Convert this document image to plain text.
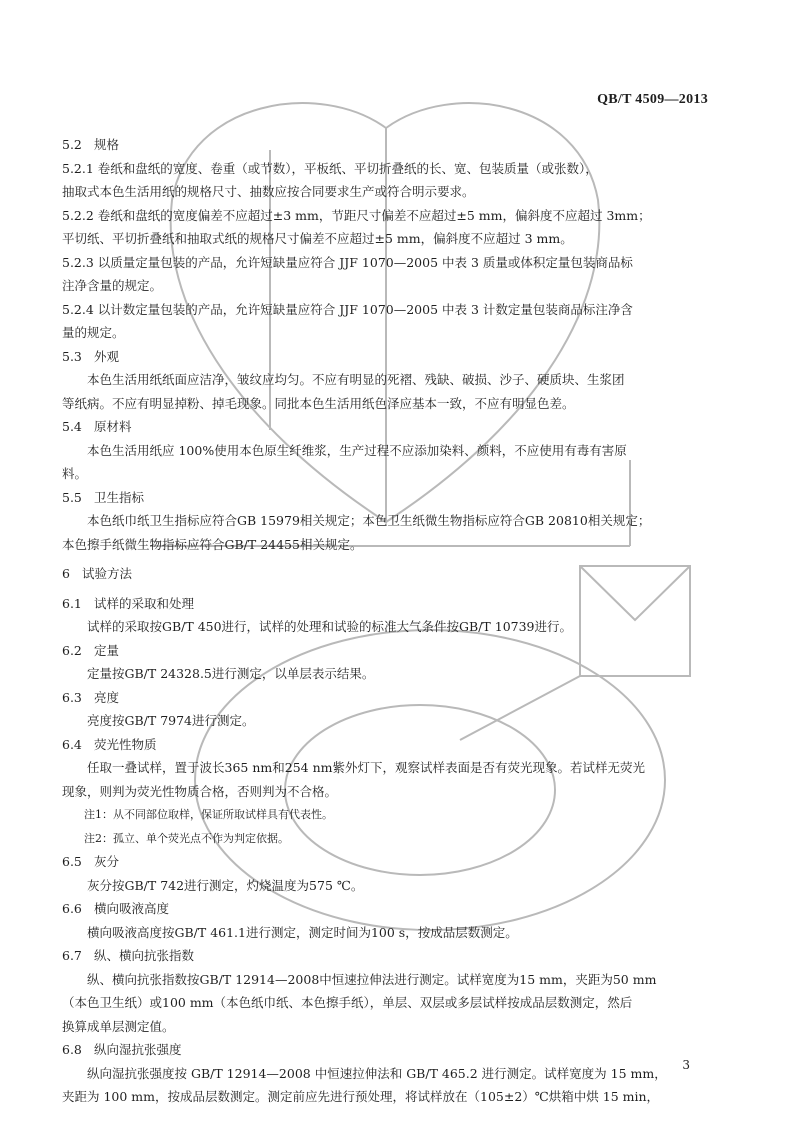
QB/T 4509—2013
5.2 规格
5.2.1 卷纸和盘纸的宽度、卷重（或节数），平板纸、平切折叠纸的长、宽、包装质量（或张数），
抽取式本色生活用纸的规格尺寸、抽数应按合同要求生产或符合明示要求。
5.2.2 卷纸和盘纸的宽度偏差不应超过±3 mm，节距尺寸偏差不应超过±5 mm，偏斜度不应超过 3mm；
平切纸、平切折叠纸和抽取式纸的规格尺寸偏差不应超过±5 mm，偏斜度不应超过 3 mm。
5.2.3 以质量定量包装的产品，允许短缺量应符合 JJF 1070—2005 中表 3 质量或体积定量包装商品标
注净含量的规定。
5.2.4 以计数定量包装的产品，允许短缺量应符合 JJF 1070—2005 中表 3 计数定量包装商品标注净含
量的规定。
5.3 外观
本色生活用纸纸面应洁净，皱纹应均匀。不应有明显的死褶、残缺、破损、沙子、硬质块、生浆团
等纸病。不应有明显掉粉、掉毛现象。同批本色生活用纸色泽应基本一致，不应有明显色差。
5.4 原材料
本色生活用纸应 100%使用本色原生纤维浆，生产过程不应添加染料、颜料，不应使用有毒有害原
料。
5.5 卫生指标
本色纸巾纸卫生指标应符合GB 15979相关规定；本色卫生纸微生物指标应符合GB 20810相关规定；
本色擦手纸微生物指标应符合GB/T 24455相关规定。
6 试验方法
6.1 试样的采取和处理
试样的采取按GB/T 450进行，试样的处理和试验的标准大气条件按GB/T 10739进行。
6.2 定量
定量按GB/T 24328.5进行测定，以单层表示结果。
6.3 亮度
亮度按GB/T 7974进行测定。
6.4 荧光性物质
任取一叠试样，置于波长365 nm和254 nm紫外灯下，观察试样表面是否有荧光现象。若试样无荧光
现象，则判为荧光性物质合格，否则判为不合格。
注1：从不同部位取样，保证所取试样具有代表性。
注2：孤立、单个荧光点不作为判定依据。
6.5 灰分
灰分按GB/T 742进行测定，灼烧温度为575 ℃。
6.6 横向吸液高度
横向吸液高度按GB/T 461.1进行测定，测定时间为100 s，按成品层数测定。
6.7 纵、横向抗张指数
纵、横向抗张指数按GB/T 12914—2008中恒速拉伸法进行测定。试样宽度为15 mm，夹距为50 mm
（本色卫生纸）或100 mm（本色纸巾纸、本色擦手纸），单层、双层或多层试样按成品层数测定，然后
换算成单层测定值。
6.8 纵向湿抗张强度
纵向湿抗张强度按 GB/T 12914—2008 中恒速拉伸法和 GB/T 465.2 进行测定。试样宽度为 15 mm，
夹距为 100 mm，按成品层数测定。测定前应先进行预处理，将试样放在（105±2）℃烘箱中烘 15 min，
3
